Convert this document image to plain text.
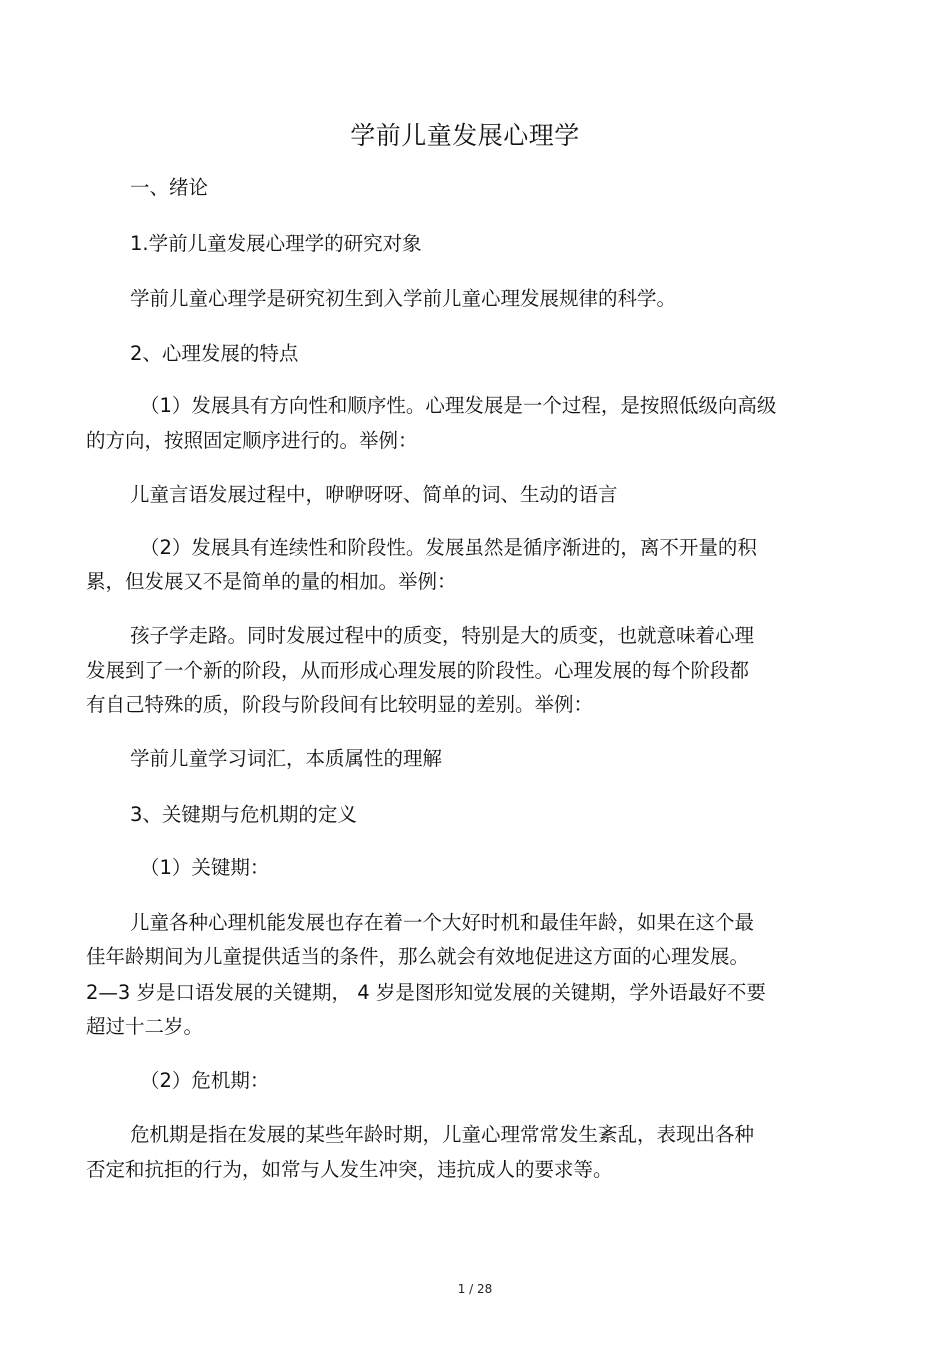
学前儿童发展心理学
一、绪论
1.学前儿童发展心理学的研究对象
学前儿童心理学是研究初生到入学前儿童心理发展规律的科学。
2、心理发展的特点
（1）发展具有方向性和顺序性。心理发展是一个过程，是按照低级向高级
的方向，按照固定顺序进行的。举例：
儿童言语发展过程中，咿咿呀呀、简单的词、生动的语言
（2）发展具有连续性和阶段性。发展虽然是循序渐进的，离不开量的积
累，但发展又不是简单的量的相加。举例：
孩子学走路。同时发展过程中的质变，特别是大的质变，也就意味着心理
发展到了一个新的阶段，从而形成心理发展的阶段性。心理发展的每个阶段都
有自己特殊的质，阶段与阶段间有比较明显的差别。举例：
学前儿童学习词汇，本质属性的理解
3、关键期与危机期的定义
（1）关键期：
儿童各种心理机能发展也存在着一个大好时机和最佳年龄，如果在这个最
佳年龄期间为儿童提供适当的条件，那么就会有效地促进这方面的心理发展。
2—3 岁是口语发展的关键期， 4 岁是图形知觉发展的关键期，学外语最好不要
超过十二岁。
（2）危机期：
危机期是指在发展的某些年龄时期，儿童心理常常发生紊乱，表现出各种
否定和抗拒的行为，如常与人发生冲突，违抗成人的要求等。
1 / 28
